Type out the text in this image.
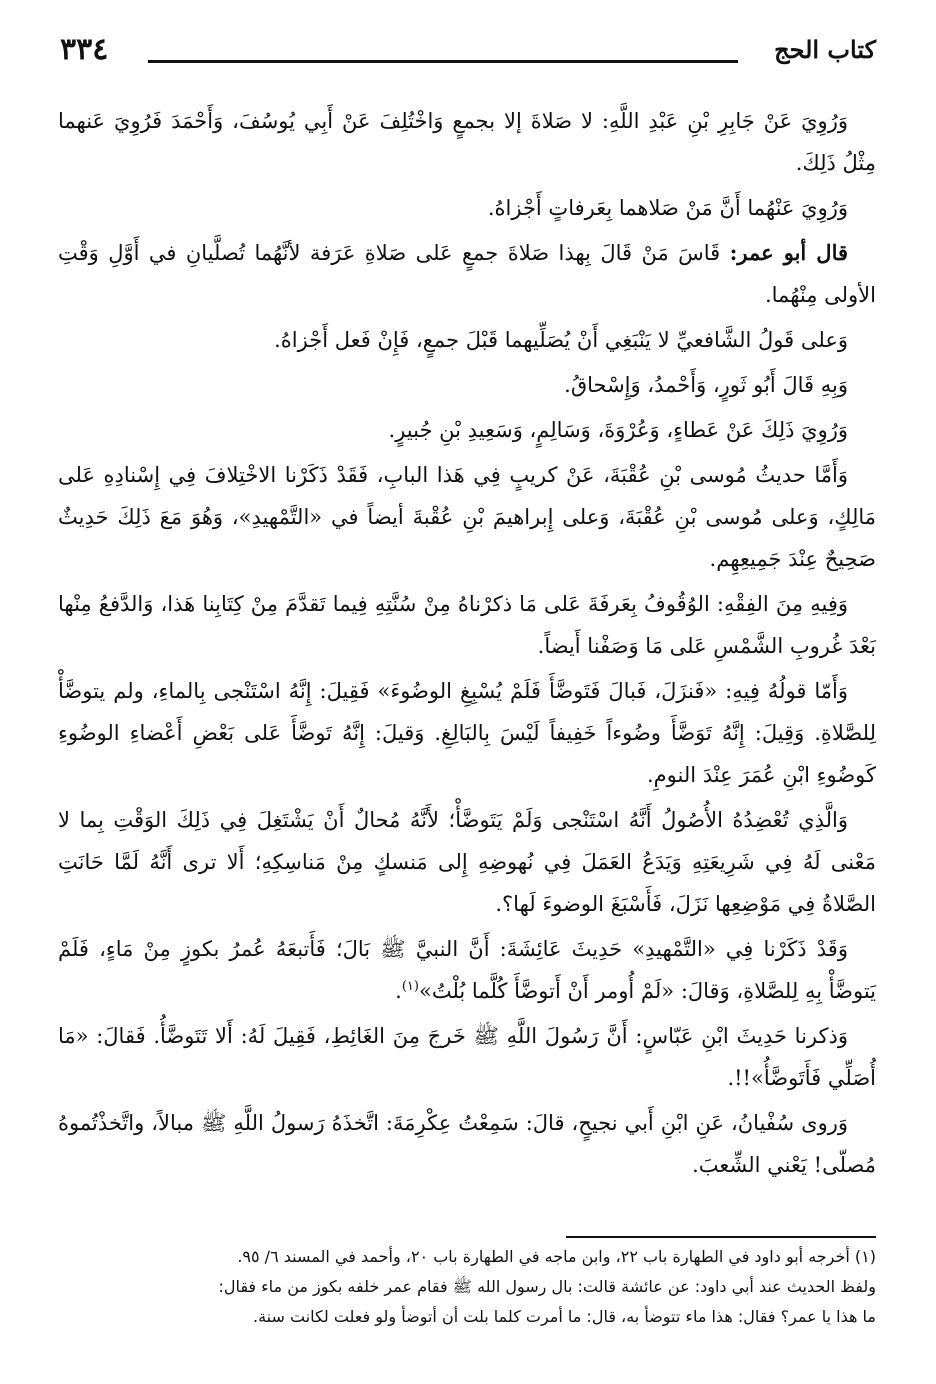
٣٣٤	كتاب الحج

وَرُوِيَ عَنْ جَابِرِ بْنِ عَبْدِ اللَّهِ: لا صَلاةَ إلا بجمعٍ وَاخْتُلِفَ عَنْ أَبِي يُوسُفَ، وَأَحْمَدَ فَرُوِيَ عَنهما مِثْلُ ذَلِكَ.

وَرُوِيَ عَنْهُما أَنَّ مَنْ صَلاهما بِعَرفاتٍ أَجْزاهُ.

قال أبو عمر: قَاسَ مَنْ قَالَ بِهذا صَلاةَ جمعٍ عَلى صَلاةِ عَرَفة لأنَّهُما تُصلَّيانِ في أَوَّلِ وَقْتِ الأولى مِنْهُما.

وَعلى قَولُ الشَّافعيِّ لا يَنْبَغِي أَنْ يُصَلِّيهما قَبْلَ جمعٍ، فَإِنْ فَعل أَجْزاهُ.

وَبِهِ قَالَ أَبُو ثَورٍ، وَأَحْمدُ، وَإِسْحاقُ.

وَرُوِيَ ذَلِكَ عَنْ عَطاءٍ، وَعُرْوَةَ، وَسَالِمٍ، وَسَعِيدِ بْنِ جُبيرٍ.

وَأَمَّا حديثُ مُوسى بْنِ عُقْبَةَ، عَنْ كريبٍ فِي هَذا البابِ، فَقَدْ ذَكَرْنا الاخْتِلافَ فِي إِسْنادِهِ عَلى مَالِكٍ، وَعلى مُوسى بْنِ عُقْبَةَ، وَعلى إِبراهيمَ بْنِ عُقْبةَ أيضاً في «التَّمْهيدِ»، وَهُوَ مَعَ ذَلِكَ حَدِيثٌ صَحِيحٌ عِنْدَ جَمِيعِهِم.

وَفِيهِ مِنَ الفِقْهِ: الوُقُوفُ بِعَرفَةَ عَلى مَا ذكرْناهُ مِنْ سُنَّتِهِ فِيما تَقدَّمَ مِنْ كِتَابِنا هَذا، وَالدَّفعُ مِنْها بَعْدَ غُروبِ الشَّمْسِ عَلى مَا وَصَفْنا أَيضاً.

وَأَمّا قولُهُ فِيهِ: «فَنزَلَ، فَبالَ فَتَوضَّأَ فَلَمْ يُسْبِغِ الوضُوءَ» فَقِيلَ: إِنَّهُ اسْتَنْجى بِالماءِ، ولم يتوضَّأْ لِلصَّلاةِ. وَقِيلَ: إِنَّهُ تَوَضَّأَ وضُوءاً خَفِيفاً لَيْسَ بِالبَالِغِ. وَقيلَ: إِنَّهُ تَوضَّأَ عَلى بَعْضِ أَعْضاءِ الوضُوءِ كَوضُوءِ ابْنِ عُمَرَ عِنْدَ النومِ.

وَالَّذِي تُعْضِدُهُ الأُصُولُ أَنَّهُ اسْتَنْجى وَلَمْ يَتَوضَّأْ؛ لأَنَّهُ مُحالٌ أَنْ يَشْتَغِلَ فِي ذَلِكَ الوَقْتِ بِما لا مَعْنى لَهُ فِي شَرِيعَتِهِ وَيَدَعُ العَمَلَ فِي نُهوضِهِ إِلى مَنسكٍ مِنْ مَناسِكِهِ؛ أَلا ترى أَنَّهُ لَمَّا حَانَتِ الصَّلاةُ فِي مَوْضِعِها نَزَلَ، فَأَسْبَغَ الوضوءَ لَها؟.

وَقَدْ ذَكَرْنا فِي «التَّمْهيدِ» حَدِيثَ عَائِشَةَ: أَنَّ النبيَّ ﷺ بَالَ؛ فَأَتبعَهُ عُمرُ بكوزٍ مِنْ مَاءٍ، فَلَمْ يَتوضَّأْ بِهِ لِلصَّلاةِ، وَقالَ: «لَمْ أُومر أَنْ أَتوضَّأَ كُلَّما بُلْتُ»$^{(١)}$.

وَذكرنا حَدِيثَ ابْنِ عَبّاسٍ: أَنَّ رَسُولَ اللَّهِ ﷺ خَرجَ مِنَ الغَائِطِ، فَقِيلَ لَهُ: أَلا تَتَوضَّأُ. فَقالَ: «مَا أُصَلِّي فَأَتَوضَّأُ»!!.

وَروى سُفْيانُ، عَنِ ابْنِ أَبي نجيحٍ، قالَ: سَمِعْتُ عِكْرِمَةَ: اتَّخذَهُ رَسولُ اللَّهِ ﷺ مبالاً، واتَّخذْتُموهُ مُصلّى! يَعْني الشِّعبَ.

(١) أخرجه أبو داود في الطهارة باب ٢٢، وابن ماجه في الطهارة باب ٢٠، وأحمد في المسند ٦/ ٩٥.

ولفظ الحديث عند أبي داود: عن عائشة قالت: بال رسول الله ﷺ فقام عمر خلفه بكوز من ماء فقال:

ما هذا يا عمر؟ فقال: هذا ماء تتوضأ به، قال: ما أمرت كلما بلت أن أتوضأ ولو فعلت لكانت سنة.
